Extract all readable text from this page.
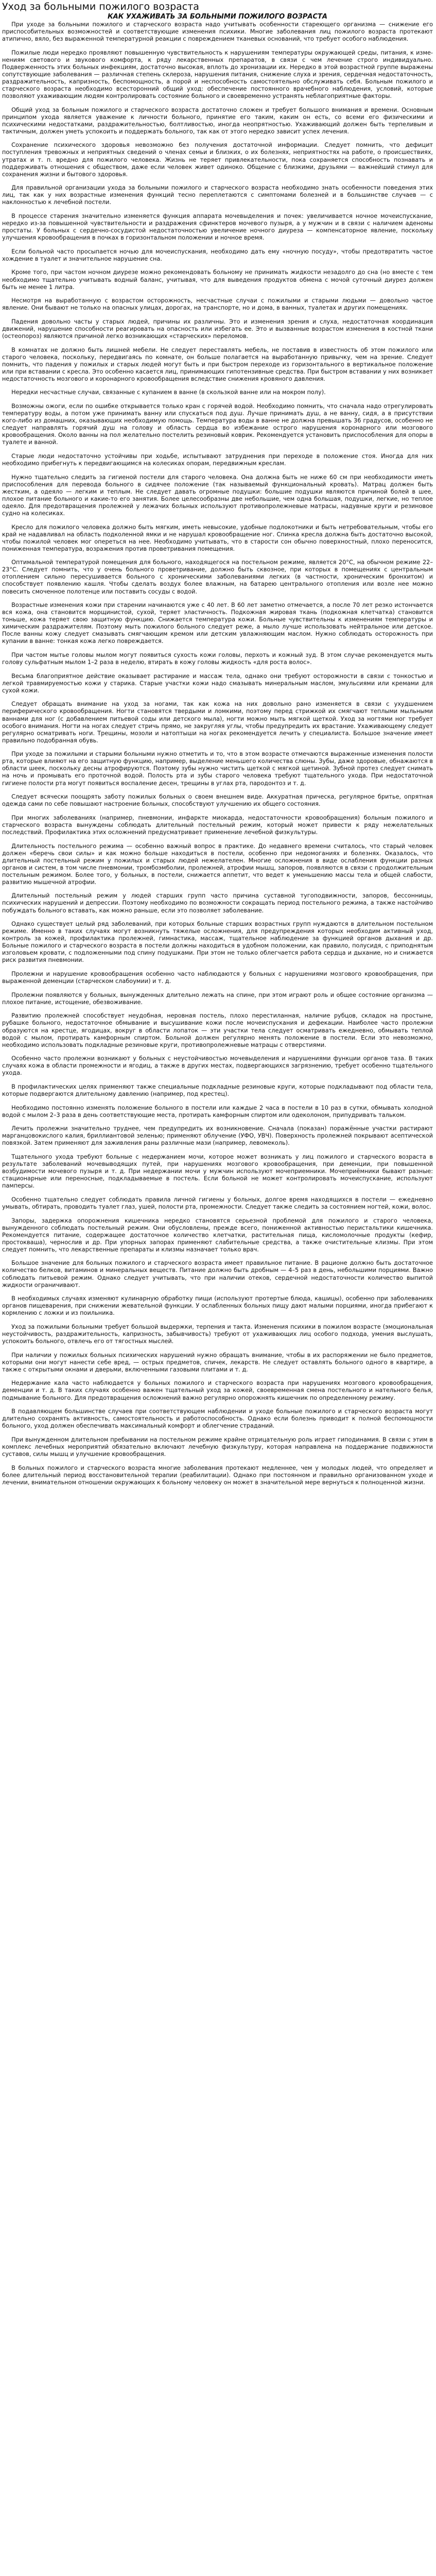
Уход за больными пожилого возраста
КАК УХАЖИВАТЬ ЗА БОЛЬНЫМИ ПОЖИЛОГО ВОЗРАСТА

При уходе за больными пожилого и старческого возраста надо учитывать особенности стареющего организма — снижение его приспособительных возможностей и соответствующие изменения психики. Многие заболевания лиц пожилого возраста протекают атипично, вяло, без выраженной температурной реакции с повреждением тканевых оснований, что требует особого наблюдения.

Пожилые люди нередко проявляют повышенную чувствительность к нарушениям температуры окружающей среды, питания, к изменениям светового и звукового комфорта, к ряду лекарственных препаратов, в связи с чем лечение строго индивидуально. Подверженность этих больных инфекциям, достаточно высокая, вплоть до хронизации их. Нередко в этой возрастной группе выражены сопутствующие заболевания — различная степень склероза, нарушения питания, снижение слуха и зрения, сердечная недостаточность, раздражительность, капризность, беспомощность, а порой и неспособность самостоятельно обслуживать себя. Больным пожилого и старческого возраста необходимо всесторонний общий уход: обеспечение постоянного врачебного наблюдения, условий, которые позволяют ухаживающим людям контролировать состояние больного и своевременно устранять неблагоприятные факторы.

Общий уход за больным пожилого и старческого возраста достаточно сложен и требует большого внимания и времени. Основным принципом ухода является уважение к личности больного, принятие его таким, каким он есть, со всеми его физическими и психическими недостатками, раздражительностью, болтливостью, иногда неопрятностью. Ухаживающий должен быть терпеливым и тактичным, должен уметь успокоить и поддержать больного, так как от этого нередко зависит успех лечения.

Сохранение психического здоровья невозможно без получения достаточной информации. Следует помнить, что дефицит поступления тревожных и неприятных сведений о членах семьи и близких, о их болезнях, неприятностях на работе, о происшествиях, утратах и т. п. вредно для пожилого человека. Жизнь не теряет привлекательности, пока сохраняется способность познавать и поддерживать отношения с обществом, даже если человек живет одиноко. Общение с близкими, друзьями — важнейший стимул для сохранения жизни и бытового здоровья.

Для правильной организации ухода за больными пожилого и старческого возраста необходимо знать особенности поведения этих лиц, так как у них возрастные изменения функций тесно переплетаются с симптомами болезней и в большинстве случаев — с наклонностью к лечебной постели.

В процессе старения значительно изменяется функция аппарата мочевыделения и почек: увеличивается ночное мочеиспускание, нередко из-за повышенной чувствительности и раздражения сфинктеров мочевого пузыря, а у мужчин и в связи с наличием аденомы простаты. У больных с сердечно-сосудистой недостаточностью увеличение ночного диуреза — компенсаторное явление, поскольку улучшения кровообращения в почках в горизонтальном положении и ночное время.

Если больной часто просыпается ночью для мочеиспускания, необходимо дать ему «ночную посуду», чтобы предотвратить частое хождение в туалет и значительное нарушение сна.

Кроме того, при частом ночном диурезе можно рекомендовать больному не принимать жидкости незадолго до сна (но вместе с тем необходимо тщательно учитывать водный баланс, учитывая, что для выведения продуктов обмена с мочой суточный диурез должен быть не менее 1 литра.

Несмотря на выработанную с возрастом осторожность, несчастные случаи с пожилыми и старыми людьми — довольно частое явление. Они бывают не только на опасных улицах, дорогах, на транспорте, но и дома, в ванных, туалетах и других помещениях.

Падения довольно часты у старых людей, причины их различны. Это и изменения зрения и слуха, недостаточная координация движений, нарушение способности реагировать на опасность или избегать ее. Это и вызванные возрастом изменения в костной ткани (остеопороз) являются причиной легко возникающих «старческих» переломов.

В комнатах не должно быть лишней мебели. Не следует переставлять мебель, не поставив в известность об этом пожилого или старого человека, поскольку, передвигаясь по комнате, он больше полагается на выработанную привычку, чем на зрение. Следует помнить, что падения у пожилых и старых людей могут быть и при быстром переходе из горизонтального в вертикальное положение или при вставании с кресла. Это особенно касается лиц, принимающих гипотензивные средства. При быстром вставании у них возникает недостаточность мозгового и коронарного кровообращения вследствие снижения кровяного давления.

Нередки несчастные случаи, связанные с купанием в ванне (в скользкой ванне или на мокром полу).

Возможны ожоги, если по ошибке открывается только кран с горячей водой. Необходимо помнить, что сначала надо отрегулировать температуру воды, а потом уже принимать ванну или спускаться под душ. Лучше принимать душ, а не ванну, сидя, а в присутствии кого-либо из домашних, оказывающих необходимую помощь. Температура воды в ванне не должна превышать 36 градусов, особенно не следует направлять горячий душ на голову и область сердца во избежание острого нарушения коронарного или мозгового кровообращения. Около ванны на пол желательно постелить резиновый коврик. Рекомендуется установить приспособления для опоры в туалете и ванной.

Старые люди недостаточно устойчивы при ходьбе, испытывают затруднения при переходе в положение стоя. Иногда для них необходимо прибегнуть к передвигающимся на колесиках опорам, передвижным креслам.

Нужно тщательно следить за гигиеной постели для старого человека. Она должна быть не ниже 60 см при необходимости иметь приспособления для перевода больного в сидячее положение (так называемый функциональный кровать). Матрац должен быть жестким, а одеяло — легким и теплым. Не следует давать огромные подушки: большие подушки являются причиной болей в шее, плохое питание больного и какие-то его занятия. Более целесообразны две небольшие, чем одна большая, подушки, легкие, но теплое одеяло. Для предотвращения пролежней у лежачих больных используют противопролежневые матрасы, надувные круги и резиновое судно на колесиках.

Кресло для пожилого человека должно быть мягким, иметь невысокие, удобные подлокотники и быть нетребовательным, чтобы его край не надавливал на область подколенной ямки и не нарушал кровообращение ног. Спинка кресла должна быть достаточно высокой, чтобы пожилой человек мог опереться на нее. Необходимо учитывать, что в старости сон обычно поверхностный, плохо переносится, пониженная температура, возражения против проветривания помещения.

Оптимальной температурой помещения для больного, находящегося на постельном режиме, является 20°С, на обычном режиме 22–23°С. Следует помнить, что у очень больного проветривание, должно быть сквозное, при которых в помещениях с центральным отоплением сильно пересушивается больного с хроническими заболеваниями легких (в частности, хроническим бронхитом) и способствует появлению кашля. Чтобы сделать воздух более влажным, на батарею центрального отопления или возле нее можно повесить смоченное полотенце или поставить сосуды с водой.

Возрастные изменения кожи при старении начинаются уже с 40 лет. В 60 лет заметно отмечается, а после 70 лет резко истончается вся кожа, она становится морщинистой, сухой, теряет эластичность. Подкожная жировая ткань (подкожная клетчатка) становится тоньше, кожа теряет свою защитную функцию. Снижается температура кожи. Больные чувствительны к изменениям температуры и химическим раздражителям. Поэтому мыть пожилого больного следует реже, а мыло лучше использовать нейтральное или детское. После ванны кожу следует смазывать смягчающим кремом или детским увлажняющим маслом. Нужно соблюдать осторожность при купании в ванне: тонкая кожа легко повреждается.

При частом мытье головы мылом могут появиться сухость кожи головы, перхоть и кожный зуд. В этом случае рекомендуется мыть голову сульфатным мылом 1–2 раза в неделю, втирать в кожу головы жидкость «для роста волос».

Весьма благоприятное действие оказывает растирание и массаж тела, однако они требуют осторожности в связи с тонкостью и легкой травмируемостью кожи у старика. Старые участки кожи надо смазывать минеральным маслом, эмульсиями или кремами для сухой кожи.

Следует обращать внимание на уход за ногами, так как кожа на них довольно рано изменяется в связи с ухудшением периферического кровообращения. Ногти становятся твердыми и ломкими, поэтому перед стрижкой их смягчают теплыми мыльными ваннами для ног (с добавлением питьевой соды или детского мыла), ногти можно мыть мягкой щеткой. Уход за ногтями ног требует особого внимания. Ногти на ногах следует стричь прямо, не закругляя углы, чтобы предупредить их врастание. Ухаживающему следует регулярно осматривать ноги. Трещины, мозоли и натоптыши на ногах рекомендуется лечить у специалиста. Большое значение имеет правильно подобранная обувь.

При уходе за пожилыми и старыми больными нужно отметить и то, что в этом возрасте отмечаются выраженные изменения полости рта, которые влияют на его защитную функцию, например, выделение меньшего количества слюны. Зубы, даже здоровые, обнажаются в области шеек, поскольку десны атрофируются. Поэтому зубы нужно чистить щеткой с мягкой щетиной. Зубной протез следует снимать на ночь и промывать его проточной водой. Полость рта и зубы старого человека требуют тщательного ухода. При недостаточной гигиене полости рта могут появиться воспаление десен, трещины в углах рта, пародонтоз и т. д.

Следует всячески поощрять заботу пожилых больных о своем внешнем виде. Аккуратная прическа, регулярное бритье, опрятная одежда сами по себе повышают настроение больных, способствуют улучшению их общего состояния.

При многих заболеваниях (например, пневмонии, инфаркте миокарда, недостаточности кровообращения) больным пожилого и старческого возраста вынуждены соблюдать длительный постельный режим, который может привести к ряду нежелательных последствий. Профилактика этих осложнений предусматривает применение лечебной физкультуры.

Длительность постельного режима — особенно важный вопрос в практике. До недавнего времени считалось, что старый человек должен «беречь свои силы» и как можно больше находиться в постели, особенно при недомоганиях и болезнях. Оказалось, что длительный постельный режим у пожилых и старых людей нежелателен. Многие осложнения в виде ослабления функции разных органов и систем, в том числе пневмонии, тромбоэмболии, пролежней, атрофии мышц, запоров, появляются в связи с продолжительным постельным режимом. Более того, у больных, в постели, снижается аппетит, что ведет к уменьшению массы тела и общей слабости, развитию мышечной атрофии.

Длительный постельный режим у людей старших групп часто причина суставной тугоподвижности, запоров, бессонницы, психических нарушений и депрессии. Поэтому необходимо по возможности сокращать период постельного режима, а также настойчиво побуждать больного вставать, как можно раньше, если это позволяет заболевание.

Однако существует целый ряд заболеваний, при которых больные старших возрастных групп нуждаются в длительном постельном режиме. Именно в таких случаях могут возникнуть тяжелые осложнения, для предупреждения которых необходим активный уход, контроль за кожей, профилактика пролежней, гимнастика, массаж, тщательное наблюдение за функцией органов дыхания и др. Больные пожилого и старческого возраста в постели должны находиться в удобном положении, как правило, полусидя, с приподнятым изголовьем кровати, с подложенными под спину подушками. При этом не только облегчается работа сердца и дыхание, но и снижается риск развития пневмонии.

Пролежни и нарушение кровообращения особенно часто наблюдаются у больных с нарушениями мозгового кровообращения, при выраженной деменции (старческом слабоумии) и т. д.

Пролежни появляются у больных, вынужденных длительно лежать на спине, при этом играют роль и общее состояние организма — плохое питание, истощение, обезвоживание.

Развитию пролежней способствует неудобная, неровная постель, плохо перестиланная, наличие рубцов, складок на простыне, рубашке больного, недостаточное обмывание и высушивание кожи после мочеиспускания и дефекации. Наиболее часто пролежни образуются на крестце, ягодицах, вокруг в области лопаток — эти участки тела следует осматривать ежедневно, обмывать теплой водой с мылом, протирать камфорным спиртом. Больной должен регулярно менять положение в постели. Если это невозможно, необходимо использовать подкладные резиновые круги, противопролежневые матрацы с отверстиями.

Особенно часто пролежни возникают у больных с неустойчивостью мочевыделения и нарушениями функции органов таза. В таких случаях кожа в области промежности и ягодиц, а также в других местах, подвергающихся загрязнению, требует особенно тщательного ухода.

В профилактических целях применяют также специальные подкладные резиновые круги, которые подкладывают под области тела, которые подвергаются длительному давлению (например, под крестец).

Необходимо постоянно изменять положение больного в постели или каждые 2 часа в постели в 10 раз в сутки, обмывать холодной водой с мылом 2–3 раза в день соответствующие места, протирать камфорным спиртом или одеколоном, припудривать тальком.

Лечить пролежни значительно труднее, чем предупредить их возникновение. Сначала (показан) поражённые участки растирают марганцовокислого калия, бриллиантовой зеленью; применяют облучение (УФО, УВЧ). Поверхность пролежней покрывают асептической повязкой. Затем применяют для заживления раны различные мази (например, левомеколь).

Тщательного ухода требуют больные с недержанием мочи, которое может возникать у лиц пожилого и старческого возраста в результате заболеваний мочевыводящих путей, при нарушениях мозгового кровообращения, при деменции, при повышенной возбудимости мочевого пузыря и т. д. При недержании мочи у мужчин используют мочеприемники. Мочеприёмники бывают разные: стационарные или переносные, подкладываемые в постель. Если больной не может контролировать мочеиспускание, используют памперсы.

Особенно тщательно следует соблюдать правила личной гигиены у больных, долгое время находящихся в постели — ежедневно умывать, обтирать, проводить туалет глаз, ушей, полости рта, промежности. Следует также следить за состоянием ногтей, кожи, волос.

Запоры, задержка опорожнения кишечника нередко становятся серьезной проблемой для пожилого и старого человека, вынужденного соблюдать постельный режим. Они обусловлены, прежде всего, пониженной активностью перистальтики кишечника. Рекомендуется питание, содержащее достаточное количество клетчатки, растительная пища, кисломолочные продукты (кефир, простокваша), чернослив и др. При упорных запорах применяют слабительные средства, а также очистительные клизмы. При этом следует помнить, что лекарственные препараты и клизмы назначает только врач.

Большое значение для больных пожилого и старческого возраста имеет правильное питание. В рационе должно быть достаточное количество белков, витаминов и минеральных веществ. Питание должно быть дробным — 4–5 раз в день, небольшими порциями. Важно соблюдать питьевой режим. Однако следует учитывать, что при наличии отеков, сердечной недостаточности количество выпитой жидкости ограничивают.

В необходимых случаях изменяют кулинарную обработку пищи (используют протертые блюда, кашицы), особенно при заболеваниях органов пищеварения, при снижении жевательной функции. У ослабленных больных пищу дают малыми порциями, иногда прибегают к кормлению с ложки и из поильника.

Уход за пожилыми больными требует большой выдержки, терпения и такта. Изменения психики в пожилом возрасте (эмоциональная неустойчивость, раздражительность, капризность, забывчивость) требуют от ухаживающих лиц особого подхода, умения выслушать, успокоить больного, отвлечь его от тягостных мыслей.

При наличии у пожилых больных психических нарушений нужно обращать внимание, чтобы в их распоряжении не было предметов, которыми они могут нанести себе вред, — острых предметов, спичек, лекарств. Не следует оставлять больного одного в квартире, а также с открытыми окнами и дверьми, включенными газовыми плитами и т. д.

Недержание кала часто наблюдается у больных пожилого и старческого возраста при нарушениях мозгового кровообращения, деменции и т. д. В таких случаях особенно важен тщательный уход за кожей, своевременная смена постельного и нательного белья, подмывание больного. Для предотвращения осложнений важно регулярно опорожнять кишечник по определенному режиму.

В подавляющем большинстве случаев при соответствующем наблюдении и уходе больные пожилого и старческого возраста могут длительно сохранять активность, самостоятельность и работоспособность. Однако если болезнь приводит к полной беспомощности больного, уход должен обеспечивать максимальный комфорт и облегчение страданий.

При вынужденном длительном пребывании на постельном режиме крайне отрицательную роль играет гиподинамия. В связи с этим в комплекс лечебных мероприятий обязательно включают лечебную физкультуру, которая направлена на поддержание подвижности суставов, силы мышц и улучшение кровообращения.

В больных пожилого и старческого возраста многие заболевания протекают медленнее, чем у молодых людей, что определяет и более длительный период восстановительной терапии (реабилитации). Однако при постоянном и правильно организованном уходе и лечении, внимательном отношении окружающих к больному человеку он может в значительной мере вернуться к полноценной жизни.
